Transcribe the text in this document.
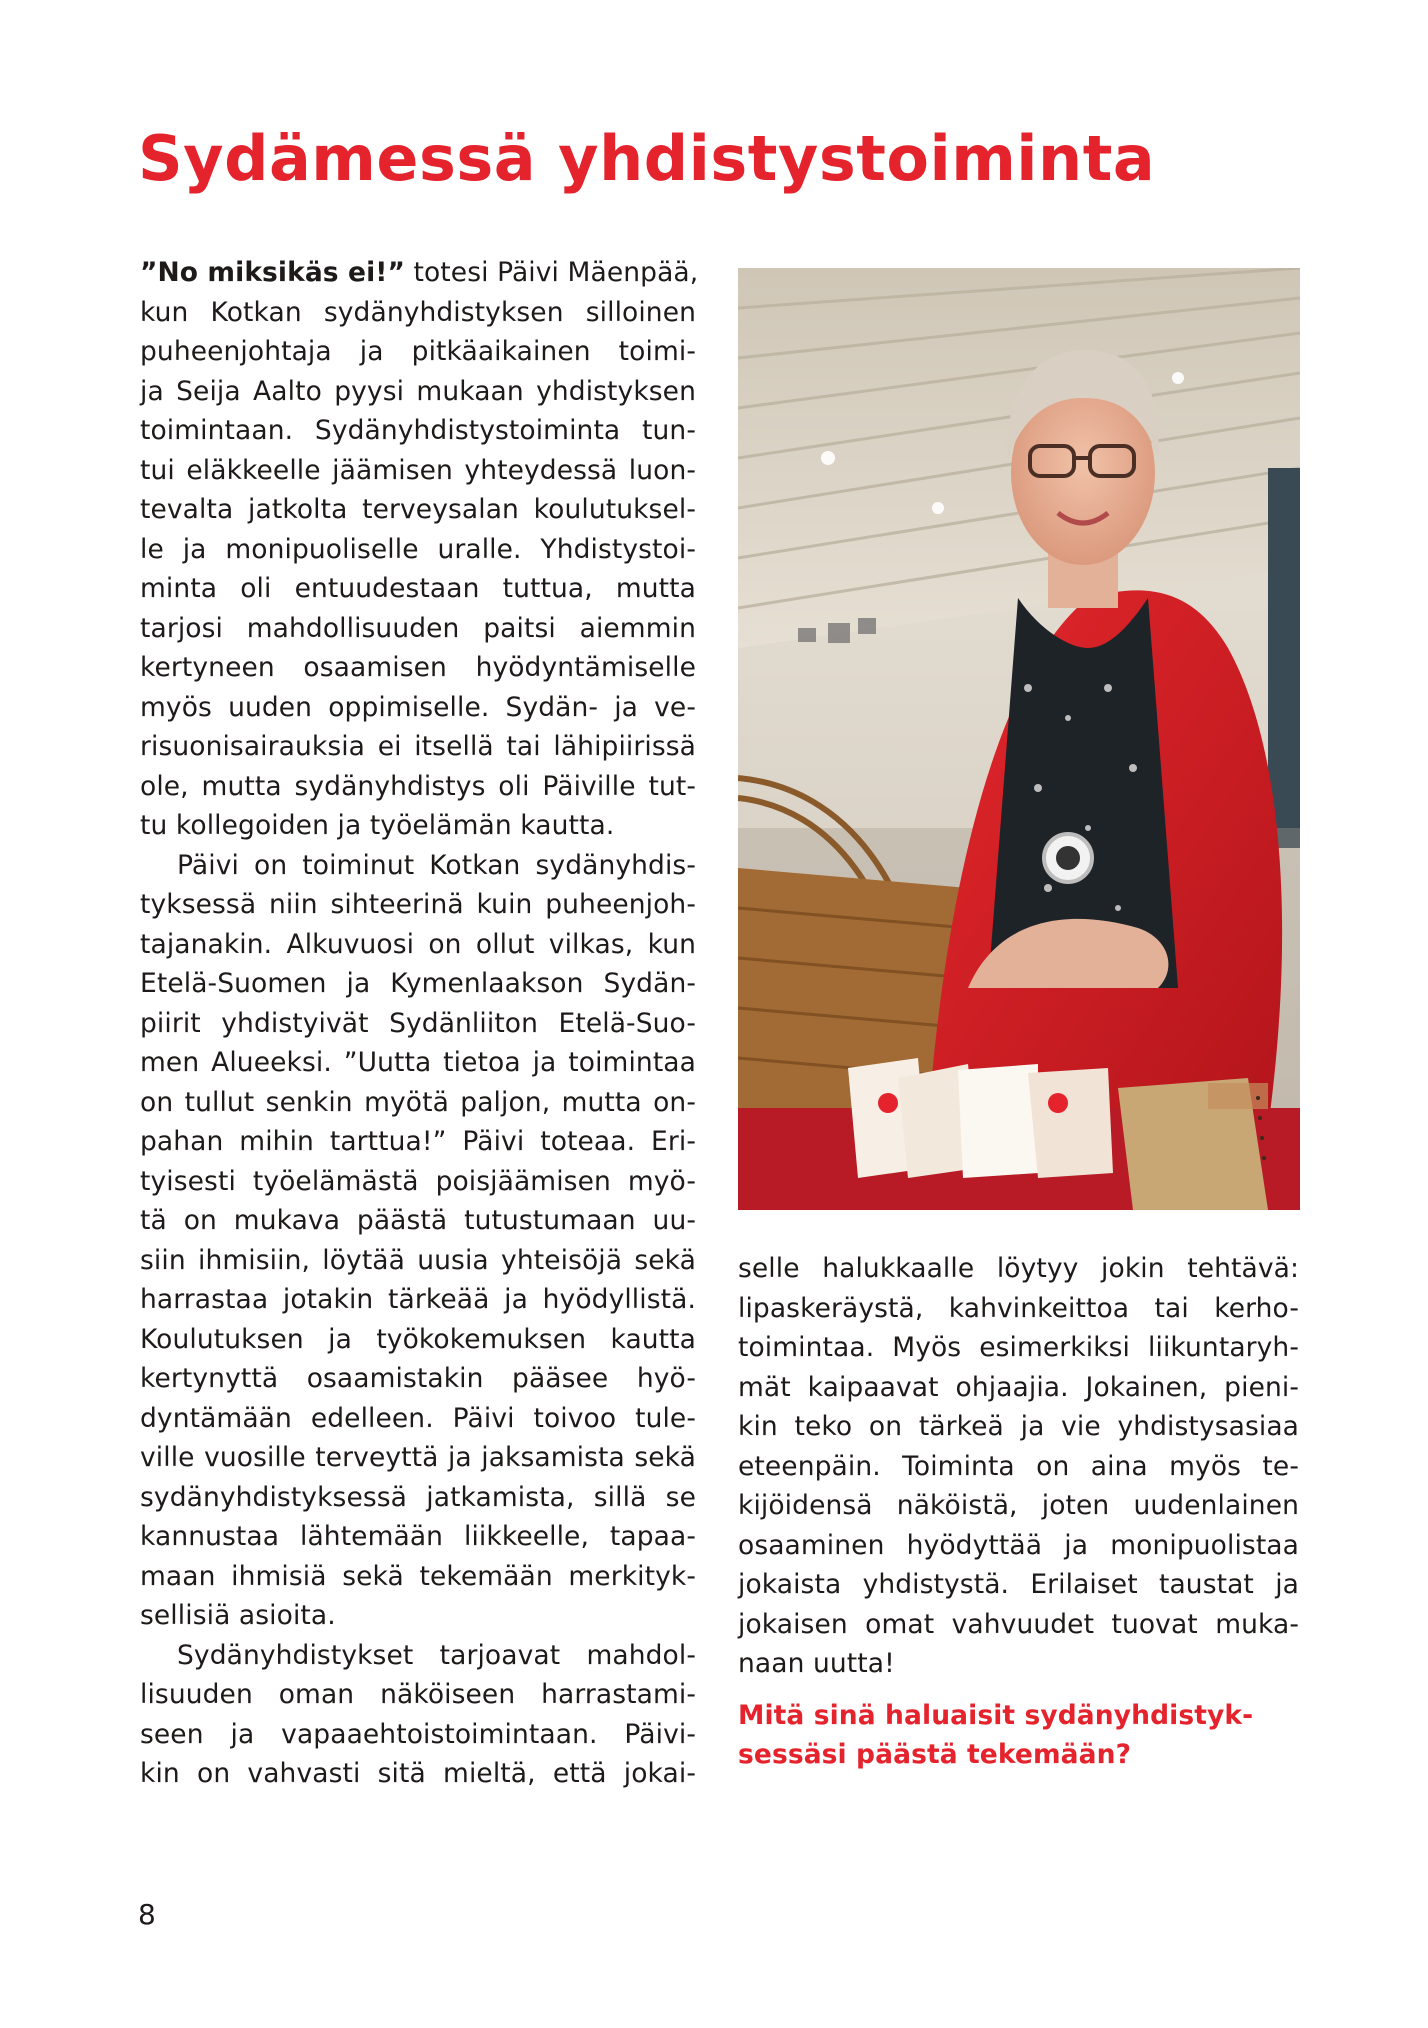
Sydämessä yhdistystoiminta
”No miksikäs ei!” totesi Päivi Mäenpää,
kun Kotkan sydänyhdistyksen silloinen
puheenjohtaja ja pitkäaikainen toimi-
ja Seija Aalto pyysi mukaan yhdistyksen
toimintaan. Sydänyhdistystoiminta tun-
tui eläkkeelle jäämisen yhteydessä luon-
tevalta jatkolta terveysalan koulutuksel-
le ja monipuoliselle uralle. Yhdistystoi-
minta oli entuudestaan tuttua, mutta
tarjosi mahdollisuuden paitsi aiemmin
kertyneen osaamisen hyödyntämiselle
myös uuden oppimiselle. Sydän- ja ve-
risuonisairauksia ei itsellä tai lähipiirissä
ole, mutta sydänyhdistys oli Päiville tut-
tu kollegoiden ja työelämän kautta.
Päivi on toiminut Kotkan sydänyhdis-
tyksessä niin sihteerinä kuin puheenjoh-
tajanakin. Alkuvuosi on ollut vilkas, kun
Etelä-Suomen ja Kymenlaakson Sydän-
piirit yhdistyivät Sydänliiton Etelä-Suo-
men Alueeksi. ”Uutta tietoa ja toimintaa
on tullut senkin myötä paljon, mutta on-
pahan mihin tarttua!” Päivi toteaa. Eri-
tyisesti työelämästä poisjäämisen myö-
tä on mukava päästä tutustumaan uu-
siin ihmisiin, löytää uusia yhteisöjä sekä
harrastaa jotakin tärkeää ja hyödyllistä.
Koulutuksen ja työkokemuksen kautta
kertynyttä osaamistakin pääsee hyö-
dyntämään edelleen. Päivi toivoo tule-
ville vuosille terveyttä ja jaksamista sekä
sydänyhdistyksessä jatkamista, sillä se
kannustaa lähtemään liikkeelle, tapaa-
maan ihmisiä sekä tekemään merkityk-
sellisiä asioita.
Sydänyhdistykset tarjoavat mahdol-
lisuuden oman näköiseen harrastami-
seen ja vapaaehtoistoimintaan. Päivi-
kin on vahvasti sitä mieltä, että jokai-
selle halukkaalle löytyy jokin tehtävä:
lipaskeräystä, kahvinkeittoa tai kerho-
toimintaa. Myös esimerkiksi liikuntaryh-
mät kaipaavat ohjaajia. Jokainen, pieni-
kin teko on tärkeä ja vie yhdistysasiaa
eteenpäin. Toiminta on aina myös te-
kijöidensä näköistä, joten uudenlainen
osaaminen hyödyttää ja monipuolistaa
jokaista yhdistystä. Erilaiset taustat ja
jokaisen omat vahvuudet tuovat muka-
naan uutta!
Mitä sinä haluaisit sydänyhdistyk-
sessäsi päästä tekemään?
8
